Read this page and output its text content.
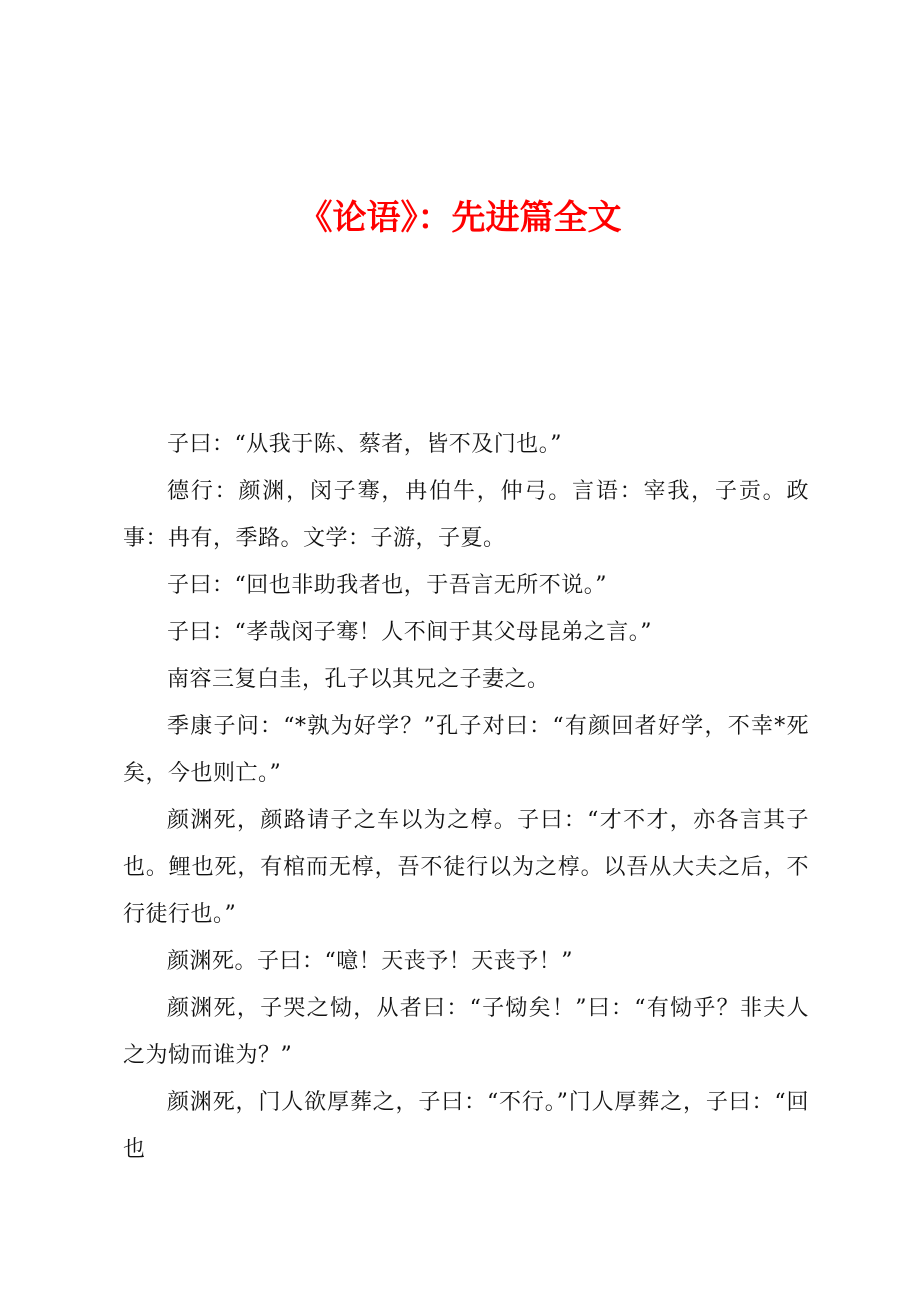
《论语》：先进篇全文

子曰：“从我于陈、蔡者，皆不及门也。”

德行：颜渊，闵子骞，冉伯牛，仲弓。言语：宰我，子贡。政事：冉有，季路。文学：子游，子夏。

子曰：“回也非助我者也，于吾言无所不说。”

子曰：“孝哉闵子骞！人不间于其父母昆弟之言。”

南容三复白圭，孔子以其兄之子妻之。

季康子问：“*孰为好学？”孔子对曰：“有颜回者好学，不幸*死矣，今也则亡。”

颜渊死，颜路请子之车以为之椁。子曰：“才不才，亦各言其子也。鲤也死，有棺而无椁，吾不徒行以为之椁。以吾从大夫之后，不行徒行也。”

颜渊死。子曰：“噫！天丧予！天丧予！”

颜渊死，子哭之恸，从者曰：“子恸矣！”曰：“有恸乎？非夫人之为恸而谁为？”

颜渊死，门人欲厚葬之，子曰：“不行。”门人厚葬之，子曰：“回也
